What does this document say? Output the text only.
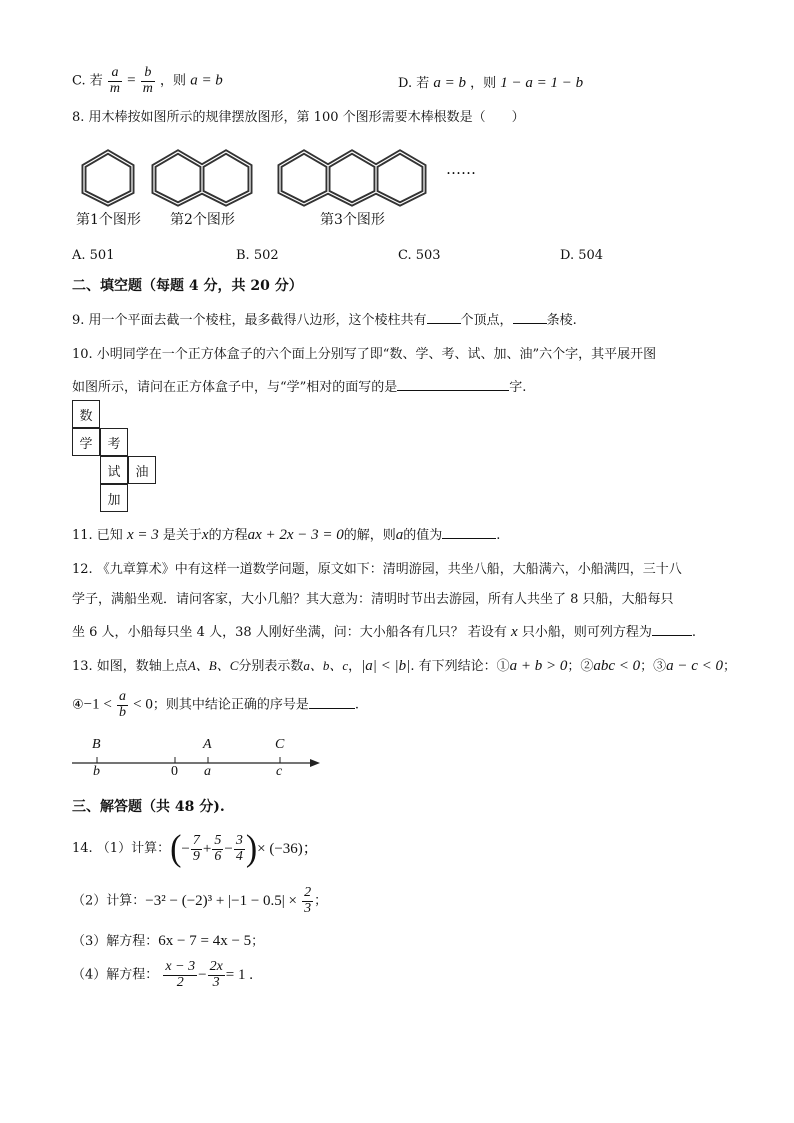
C. 若 $\frac{a}{m} = \frac{b}{m}$ ，则 a = b	D. 若 a = b ，则 1 − a = 1 − b
8. 用木棒按如图所示的规律摆放图形，第 100 个图形需要木棒根数是（　　）
……
第1个图形 第2个图形	第3个图形
A. 501	B. 502	C. 503	D. 504
二、填空题（每题 4 分，共 20 分）
9. 用一个平面去截一个棱柱，最多截得八边形，这个棱柱共有	个顶点，	条棱.
10. 小明同学在一个正方体盒子的六个面上分别写了即“数、学、考、试、加、油”六个字，其平展开图
如图所示，请问在正方体盒子中，与“学”相对的面写的是	字.
数
学	考
试	油
加
11. 已知 x = 3 是关于x的方程ax + 2x − 3 = 0的解，则a的值为	.
12. 《九章算术》中有这样一道数学问题，原文如下：清明游园，共坐八船，大船满六，小船满四，三十八
学子，满船坐观．请问客家，大小几船？其大意为：清明时节出去游园，所有人共坐了 8 只船，大船每只
坐 6 人，小船每只坐 4 人，38 人刚好坐满，问：大小船各有几只？ 若设有 x 只小船，则可列方程为	.
13. 如图，数轴上点A、B、C分别表示数a、b、c，|a| < |b|. 有下列结论：①a + b > 0；②abc < 0；③a − c < 0；
④−1 < $\frac{a}{b} < 0$；则其中结论正确的序号是	.
B	A	C
b	0 a	c
三、解答题（共 48 分).
14. （1）计算：(− $\frac{7}{9} + \frac{5}{6} - \frac{3}{4}$ )× (−36)；
（2）计算：$-3^2 - (-2)^3 + |-1 - 0.5| \times \frac{2}{3}$ ；
（3）解方程：6x − 7 = 4x − 5；
（4）解方程： $\frac{x - 3}{2} - \frac{2x}{3} = 1$ .
